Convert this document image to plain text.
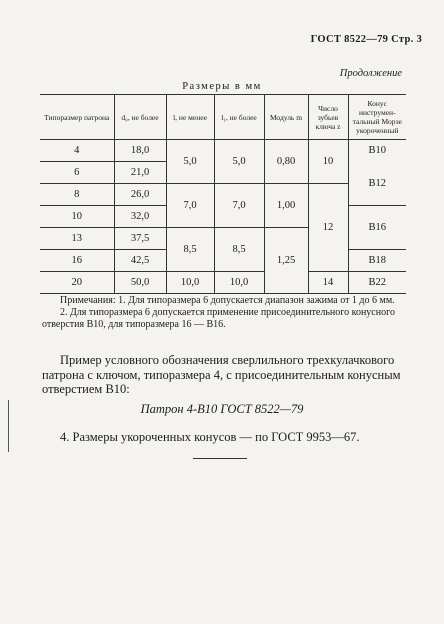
ГОСТ 8522—79 Стр. 3
Продолжение
Размеры в мм
Типоразмер патрона	d₀, не более	l, не менее	l₁, не более	Модуль m	Число зубьев ключа z	Конус инструмен-тальный Морзе укороченный
4	18,0	5,0	5,0	0,80	10	B10
6	21,0					B12
8	26,0	7,0	7,0	1,00	12	
10	32,0					B16
13	37,5	8,5	8,5	1,25		
16	42,5					B18
20	50,0	10,0	10,0		14	B22

Примечания: 1. Для типоразмера 6 допускается диапазон зажима от 1 до 6 мм.

2. Для типоразмера 6 допускается применение присоединительного конусного отверстия B10, для типоразмера 16 — B16.

Пример условного обозначения сверлильного трехкулачкового патрона с ключом, типоразмера 4, с присоединительным конусным отверстием B10:
Патрон 4-B10 ГОСТ 8522—79
4. Размеры укороченных конусов — по ГОСТ 9953—67.
